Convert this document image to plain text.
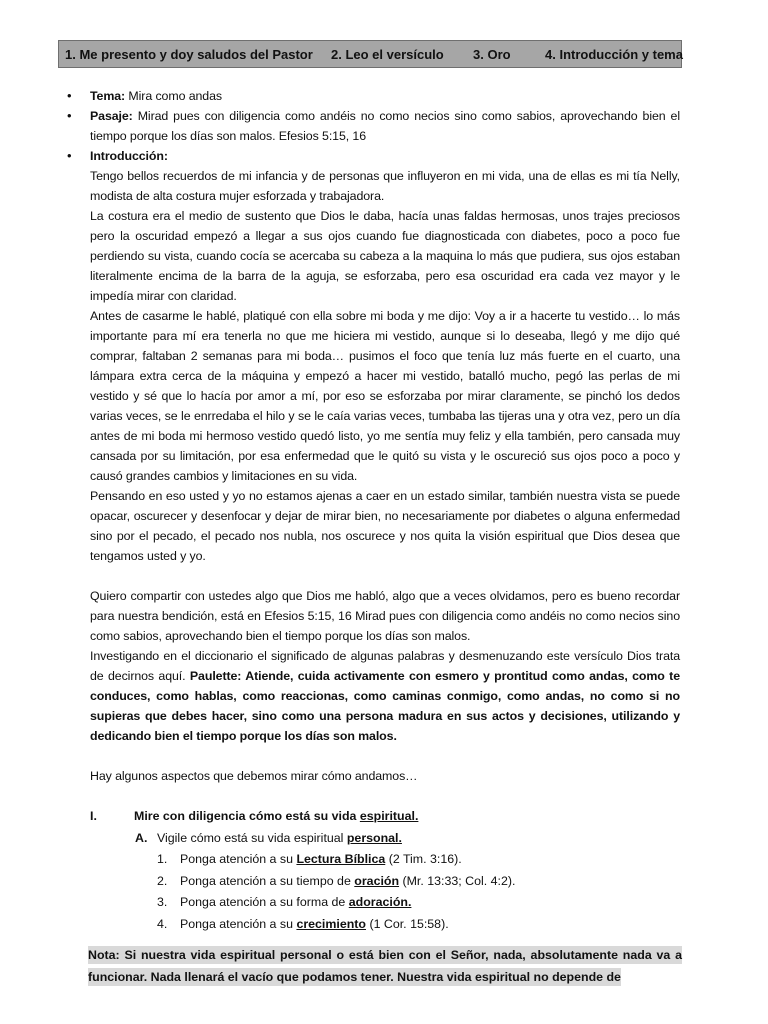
1. Me presento y doy saludos del Pastor 2. Leo el versículo 3. Oro	4. Introducción y tema
• Tema: Mira como andas
• Pasaje: Mirad pues con diligencia como andéis no como necios sino como sabios, aprovechando bien el tiempo porque los días son malos. Efesios 5:15, 16
• Introducción:

Tengo bellos recuerdos de mi infancia y de personas que influyeron en mi vida, una de ellas es mi tía Nelly, modista de alta costura mujer esforzada y trabajadora.

La costura era el medio de sustento que Dios le daba, hacía unas faldas hermosas, unos trajes preciosos pero la oscuridad empezó a llegar a sus ojos cuando fue diagnosticada con diabetes, poco a poco fue perdiendo su vista, cuando cocía se acercaba su cabeza a la maquina lo más que pudiera, sus ojos estaban literalmente encima de la barra de la aguja, se esforzaba, pero esa oscuridad era cada vez mayor y le impedía mirar con claridad.

Antes de casarme le hablé, platiqué con ella sobre mi boda y me dijo: Voy a ir a hacerte tu vestido… lo más importante para mí era tenerla no que me hiciera mi vestido, aunque si lo deseaba, llegó y me dijo qué comprar, faltaban 2 semanas para mi boda… pusimos el foco que tenía luz más fuerte en el cuarto, una lámpara extra cerca de la máquina y empezó a hacer mi vestido, batalló mucho, pegó las perlas de mi vestido y sé que lo hacía por amor a mí, por eso se esforzaba por mirar claramente, se pinchó los dedos varias veces, se le enrredaba el hilo y se le caía varias veces, tumbaba las tijeras una y otra vez, pero un día antes de mi boda mi hermoso vestido quedó listo, yo me sentía muy feliz y ella también, pero cansada muy cansada por su limitación, por esa enfermedad que le quitó su vista y le oscureció sus ojos poco a poco y causó grandes cambios y limitaciones en su vida.

Pensando en eso usted y yo no estamos ajenas a caer en un estado similar, también nuestra vista se puede opacar, oscurecer y desenfocar y dejar de mirar bien, no necesariamente por diabetes o alguna enfermedad sino por el pecado, el pecado nos nubla, nos oscurece y nos quita la visión espiritual que Dios desea que tengamos usted y yo.

Quiero compartir con ustedes algo que Dios me habló, algo que a veces olvidamos, pero es bueno recordar para nuestra bendición, está en Efesios 5:15, 16 Mirad pues con diligencia como andéis no como necios sino como sabios, aprovechando bien el tiempo porque los días son malos.

Investigando en el diccionario el significado de algunas palabras y desmenuzando este versículo Dios trata de decirnos aquí. Paulette: Atiende, cuida activamente con esmero y prontitud como andas, como te conduces, como hablas, como reaccionas, como caminas conmigo, como andas, no como si no supieras que debes hacer, sino como una persona madura en sus actos y decisiones, utilizando y dedicando bien el tiempo porque los días son malos.

Hay algunos aspectos que debemos mirar cómo andamos…

I.	Mire con diligencia cómo está su vida espiritual.
A. Vigile cómo está su vida espiritual personal.
1. Ponga atención a su Lectura Bíblica (2 Tim. 3:16).
2. Ponga atención a su tiempo de oración (Mr. 13:33; Col. 4:2).
3. Ponga atención a su forma de adoración.
4. Ponga atención a su crecimiento (1 Cor. 15:58).
Nota: Si nuestra vida espiritual personal o está bien con el Señor, nada, absolutamente nada va a funcionar. Nada llenará el vacío que podamos tener. Nuestra vida espiritual no depende de
